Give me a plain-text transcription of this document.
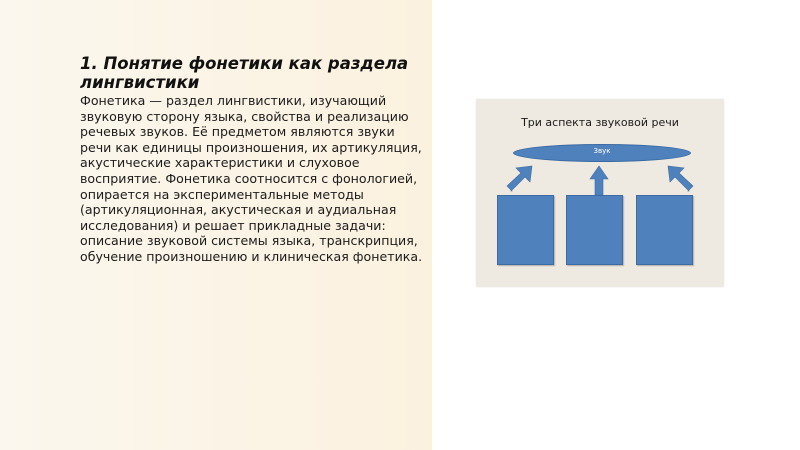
1. Понятие фонетики как раздела лингвистики

Фонетика — раздел лингвистики, изучающий звуковую сторону языка, свойства и реализацию речевых звуков. Её предметом являются звуки речи как единицы произношения, их артикуляция, акустические характеристики и слуховое восприятие. Фонетика соотносится с фонологией, опирается на экспериментальные методы (артикуляционная, акустическая и аудиальная исследования) и решает прикладные задачи: описание звуковой системы языка, транскрипция, обучение произношению и клиническая фонетика.

Три аспекта звуковой речи
Звук
